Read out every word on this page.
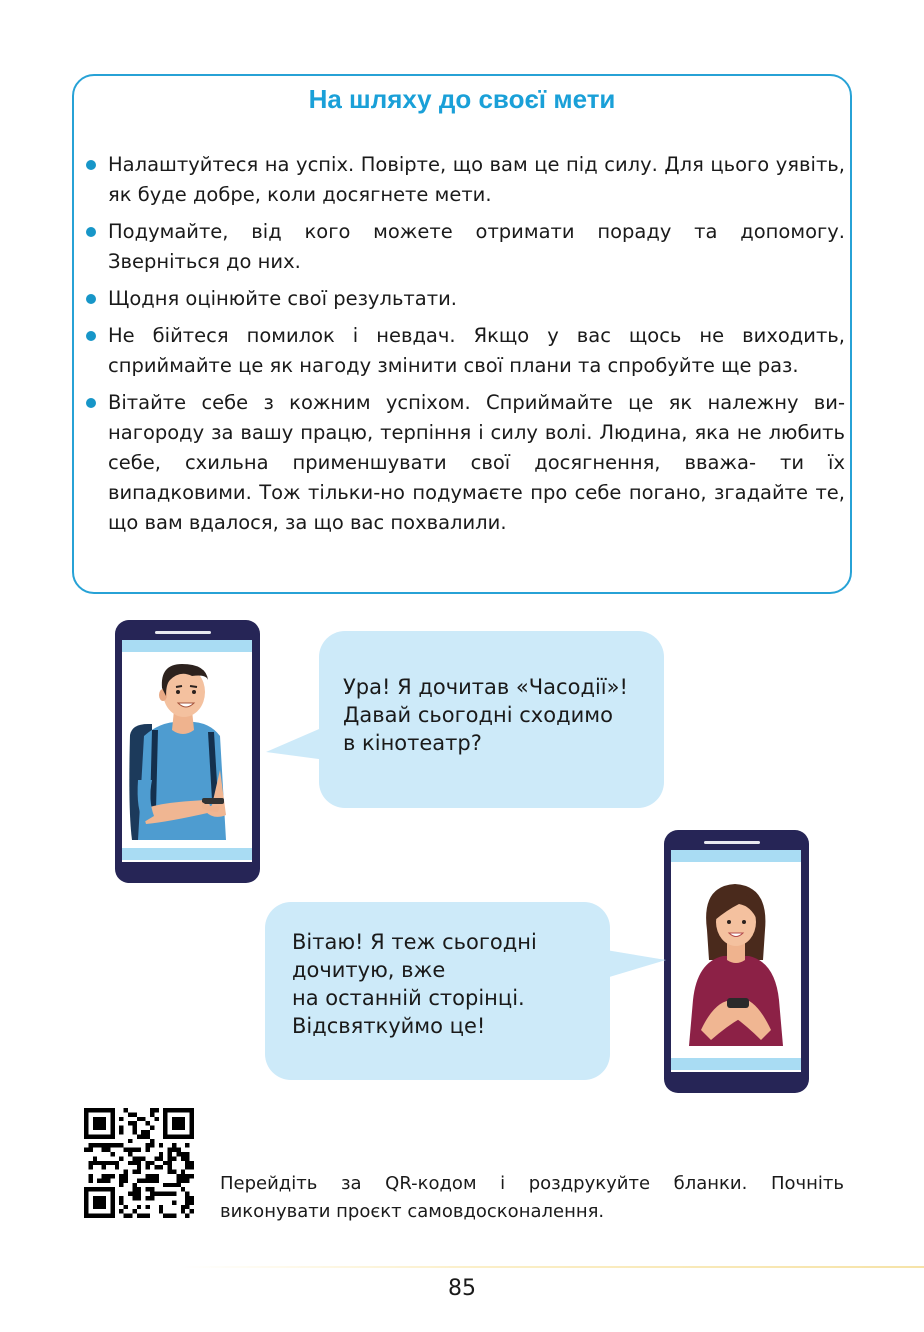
На шляху до своєї мети
Налаштуйтеся на успіх. Повірте, що вам це під силу. Для цього уявіть, як буде добре, коли досягнете мети.
Подумайте, від кого можете отримати пораду та допомогу. Зверніться до них.
Щодня оцінюйте свої результати.
Не бійтеся помилок і невдач. Якщо у вас щось не виходить, сприймайте це як нагоду змінити свої плани та спробуйте ще раз.
Вітайте себе з кожним успіхом. Сприймайте це як належну ви- нагороду за вашу працю, терпіння і силу волі. Людина, яка не любить себе, схильна применшувати свої досягнення, вважа- ти їх випадковими. Тож тільки-но подумаєте про себе погано, згадайте те, що вам вдалося, за що вас похвалили.
Ура! Я дочитав «Часодії»!
Давай сьогодні сходимо
в кінотеатр?
Вітаю! Я теж сьогодні
дочитую, вже
на останній сторінці.
Відсвяткуймо це!
Перейдіть за QR-кодом і роздрукуйте бланки. Почніть виконувати проєкт самовдосконалення.
85
